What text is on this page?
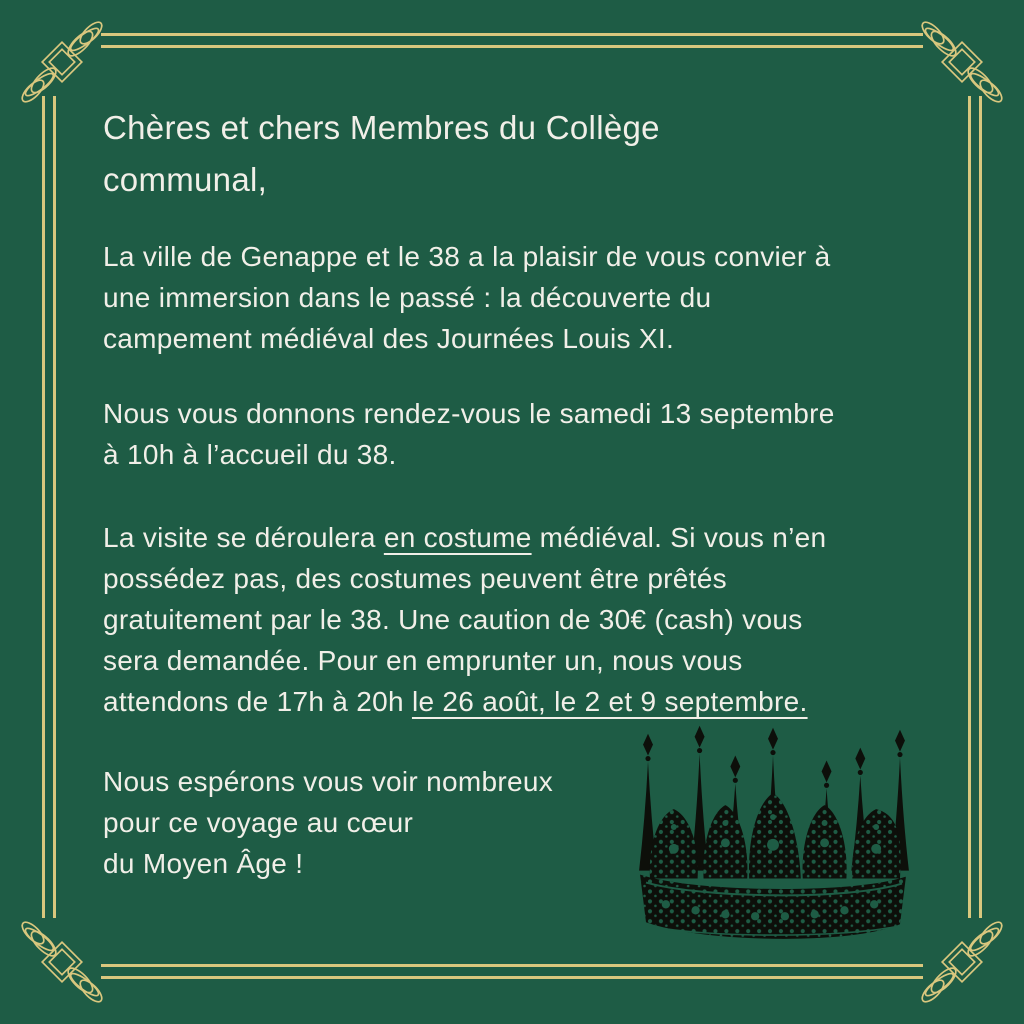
Chères et chers Membres du Collège
communal,

La ville de Genappe et le 38 a la plaisir de vous convier à
une immersion dans le passé : la découverte du
campement médiéval des Journées Louis XI.

Nous vous donnons rendez-vous le samedi 13 septembre
à 10h à l’accueil du 38.

La visite se déroulera en costume médiéval. Si vous n’en
possédez pas, des costumes peuvent être prêtés
gratuitement par le 38. Une caution de 30€ (cash) vous
sera demandée. Pour en emprunter un, nous vous
attendons de 17h à 20h le 26 août, le 2 et 9 septembre.

Nous espérons vous voir nombreux
pour ce voyage au cœur
du Moyen Âge !
